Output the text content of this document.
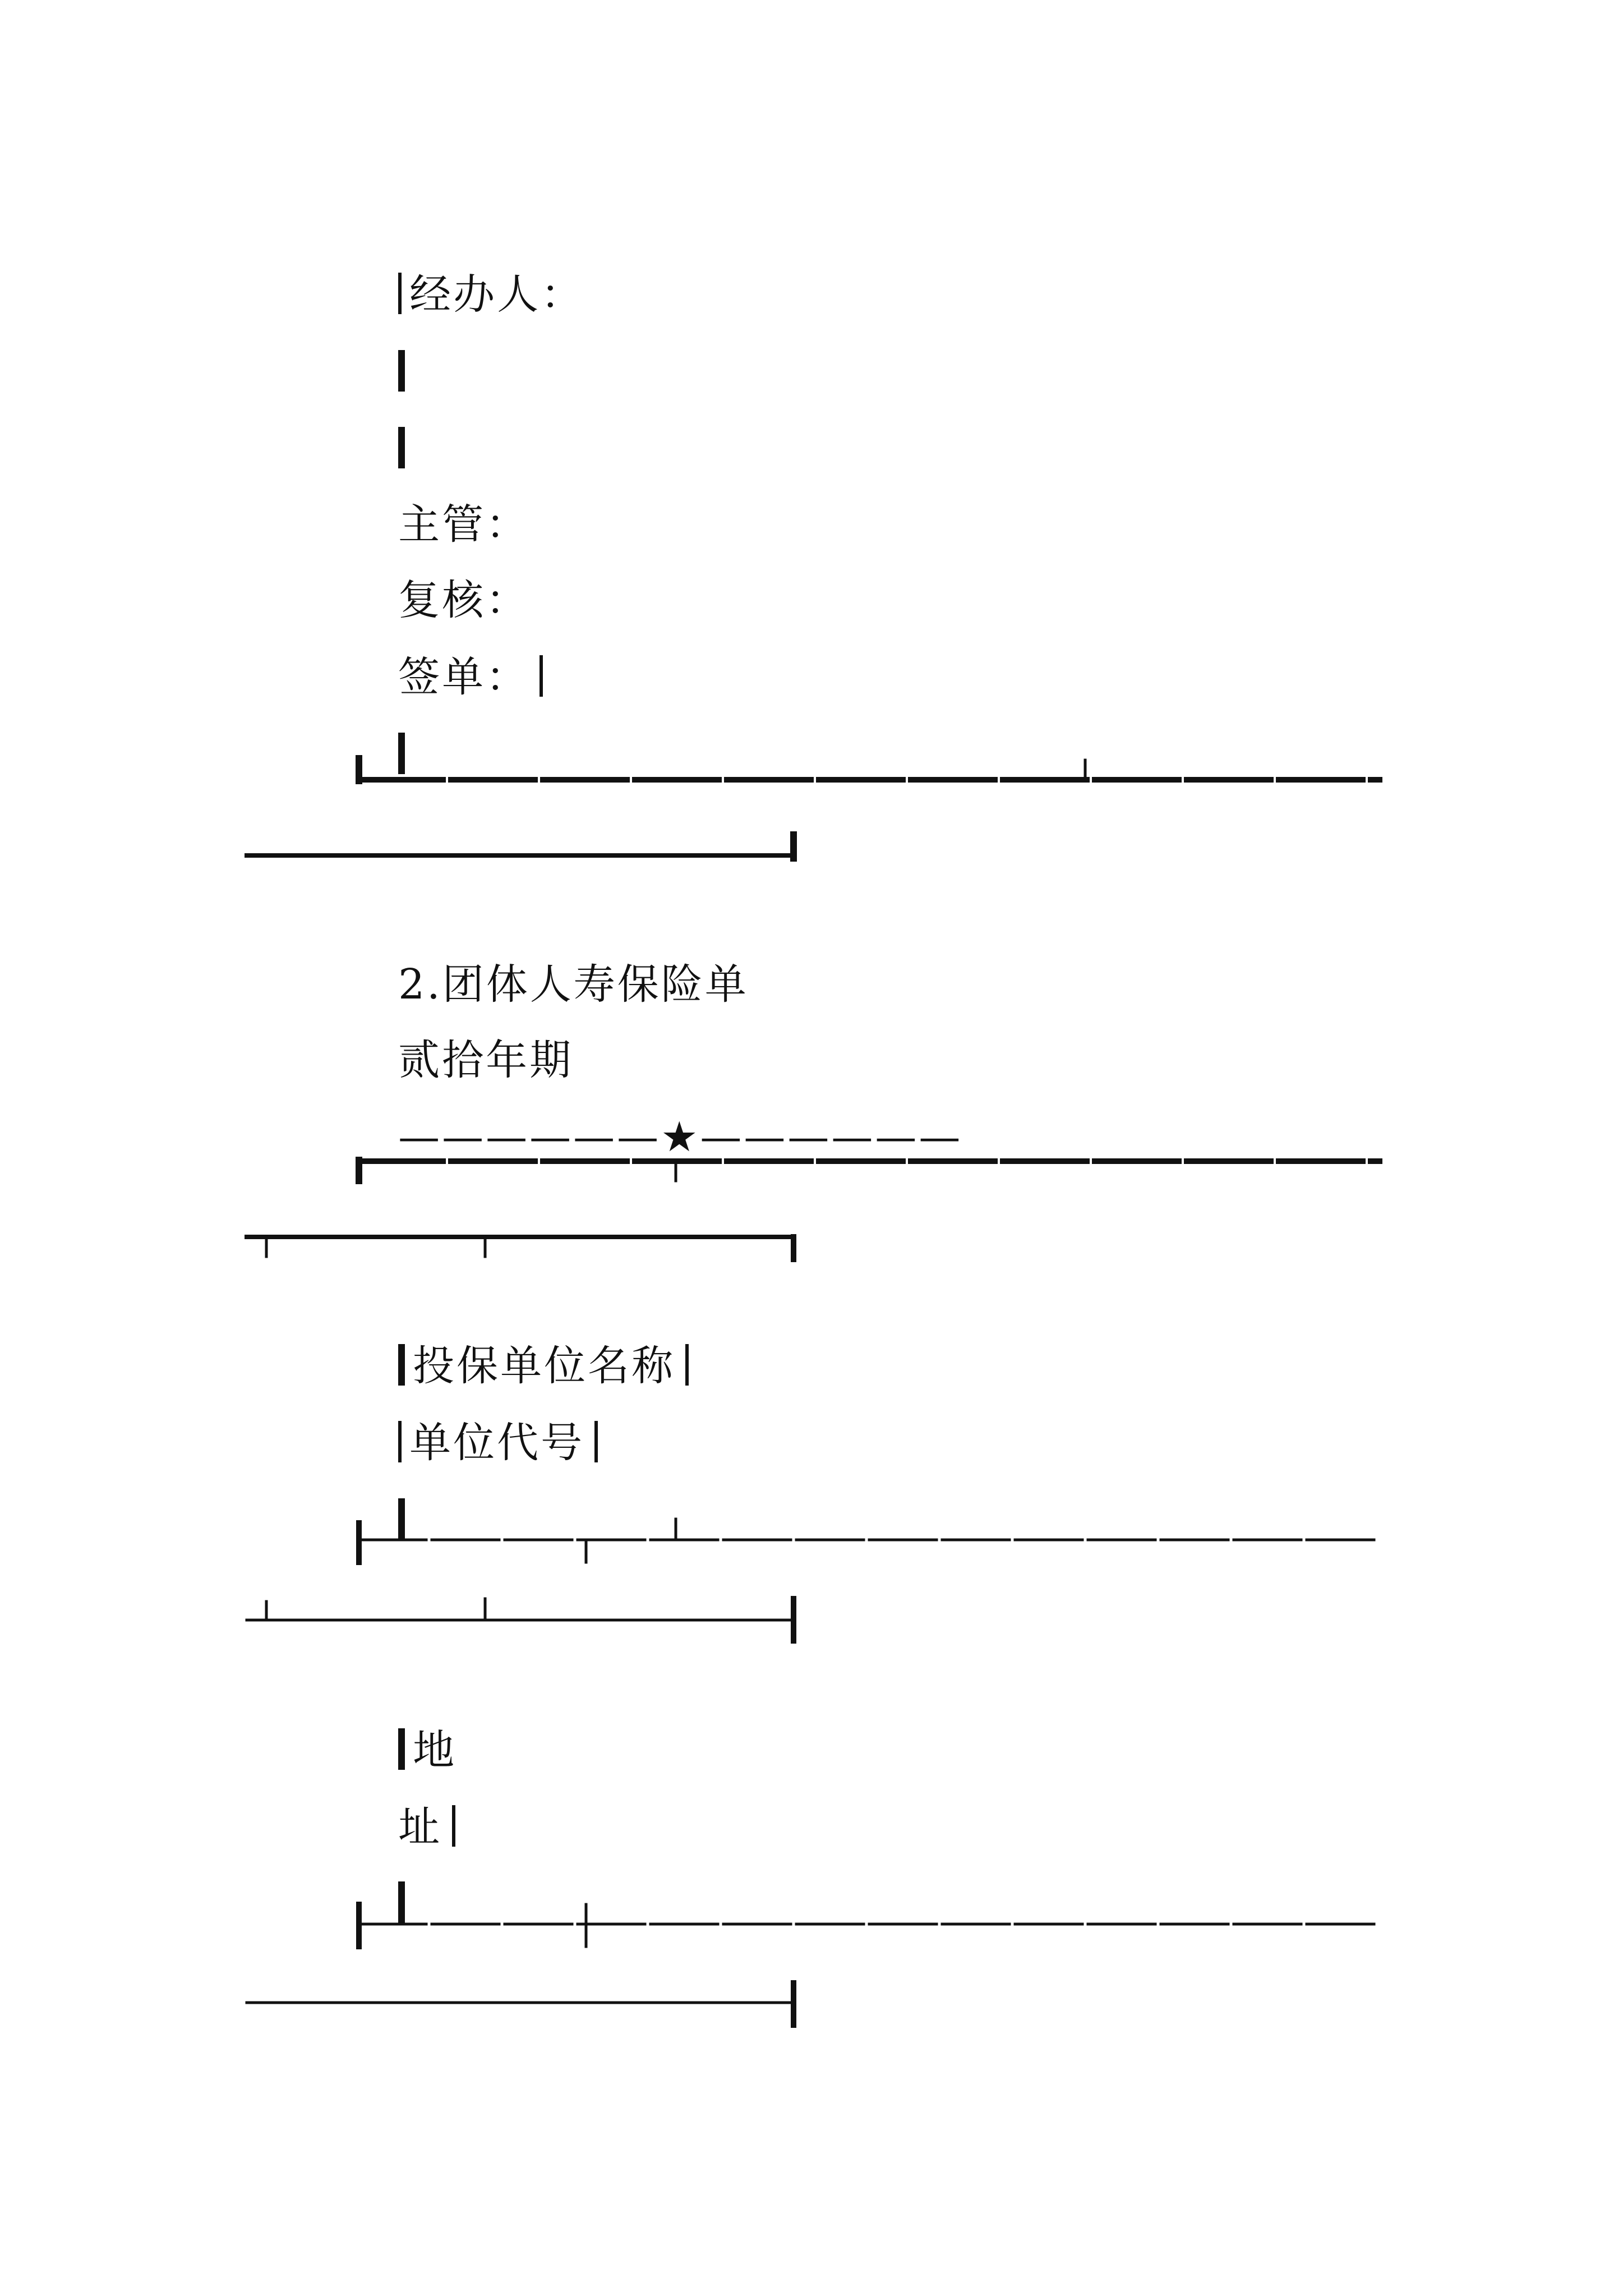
经办人：

主管：

复核：

签单：

2.团体人寿保险单

贰拾年期

——————★——————

投保单位名称

单位代号

地

址
